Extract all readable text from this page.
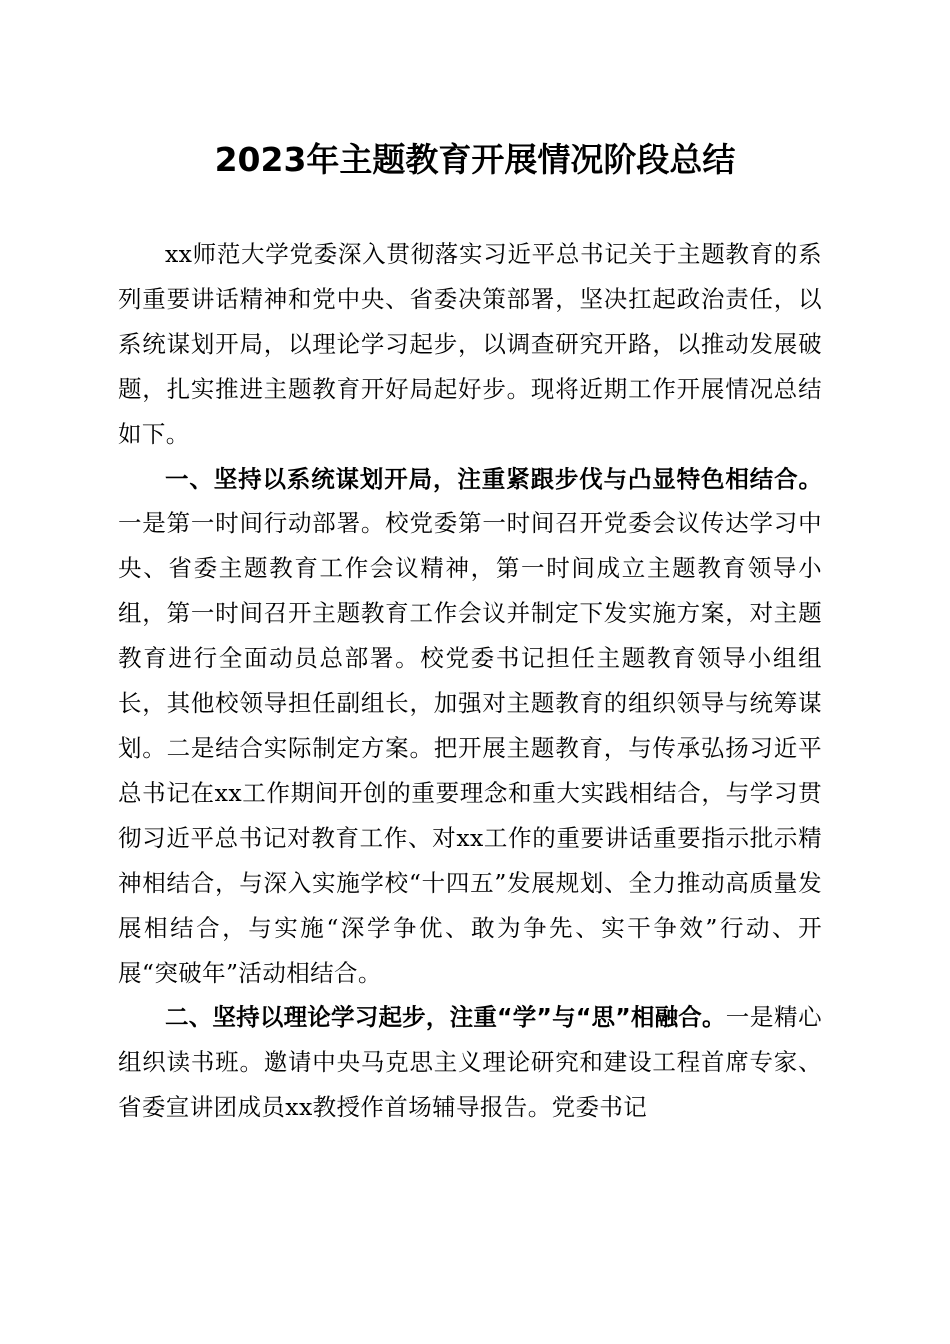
2023年主题教育开展情况阶段总结

xx师范大学党委深入贯彻落实习近平总书记关于主题教育的系列重要讲话精神和党中央、省委决策部署，坚决扛起政治责任，以系统谋划开局，以理论学习起步，以调查研究开路，以推动发展破题，扎实推进主题教育开好局起好步。现将近期工作开展情况总结如下。

一、坚持以系统谋划开局，注重紧跟步伐与凸显特色相结合。一是第一时间行动部署。校党委第一时间召开党委会议传达学习中央、省委主题教育工作会议精神，第一时间成立主题教育领导小组，第一时间召开主题教育工作会议并制定下发实施方案，对主题教育进行全面动员总部署。校党委书记担任主题教育领导小组组长，其他校领导担任副组长，加强对主题教育的组织领导与统筹谋划。二是结合实际制定方案。把开展主题教育，与传承弘扬习近平总书记在xx工作期间开创的重要理念和重大实践相结合，与学习贯彻习近平总书记对教育工作、对xx工作的重要讲话重要指示批示精神相结合，与深入实施学校“十四五”发展规划、全力推动高质量发展相结合，与实施“深学争优、敢为争先、实干争效”行动、开展“突破年”活动相结合。

二、坚持以理论学习起步，注重“学”与“思”相融合。一是精心组织读书班。邀请中央马克思主义理论研究和建设工程首席专家、省委宣讲团成员xx教授作首场辅导报告。党委书记
